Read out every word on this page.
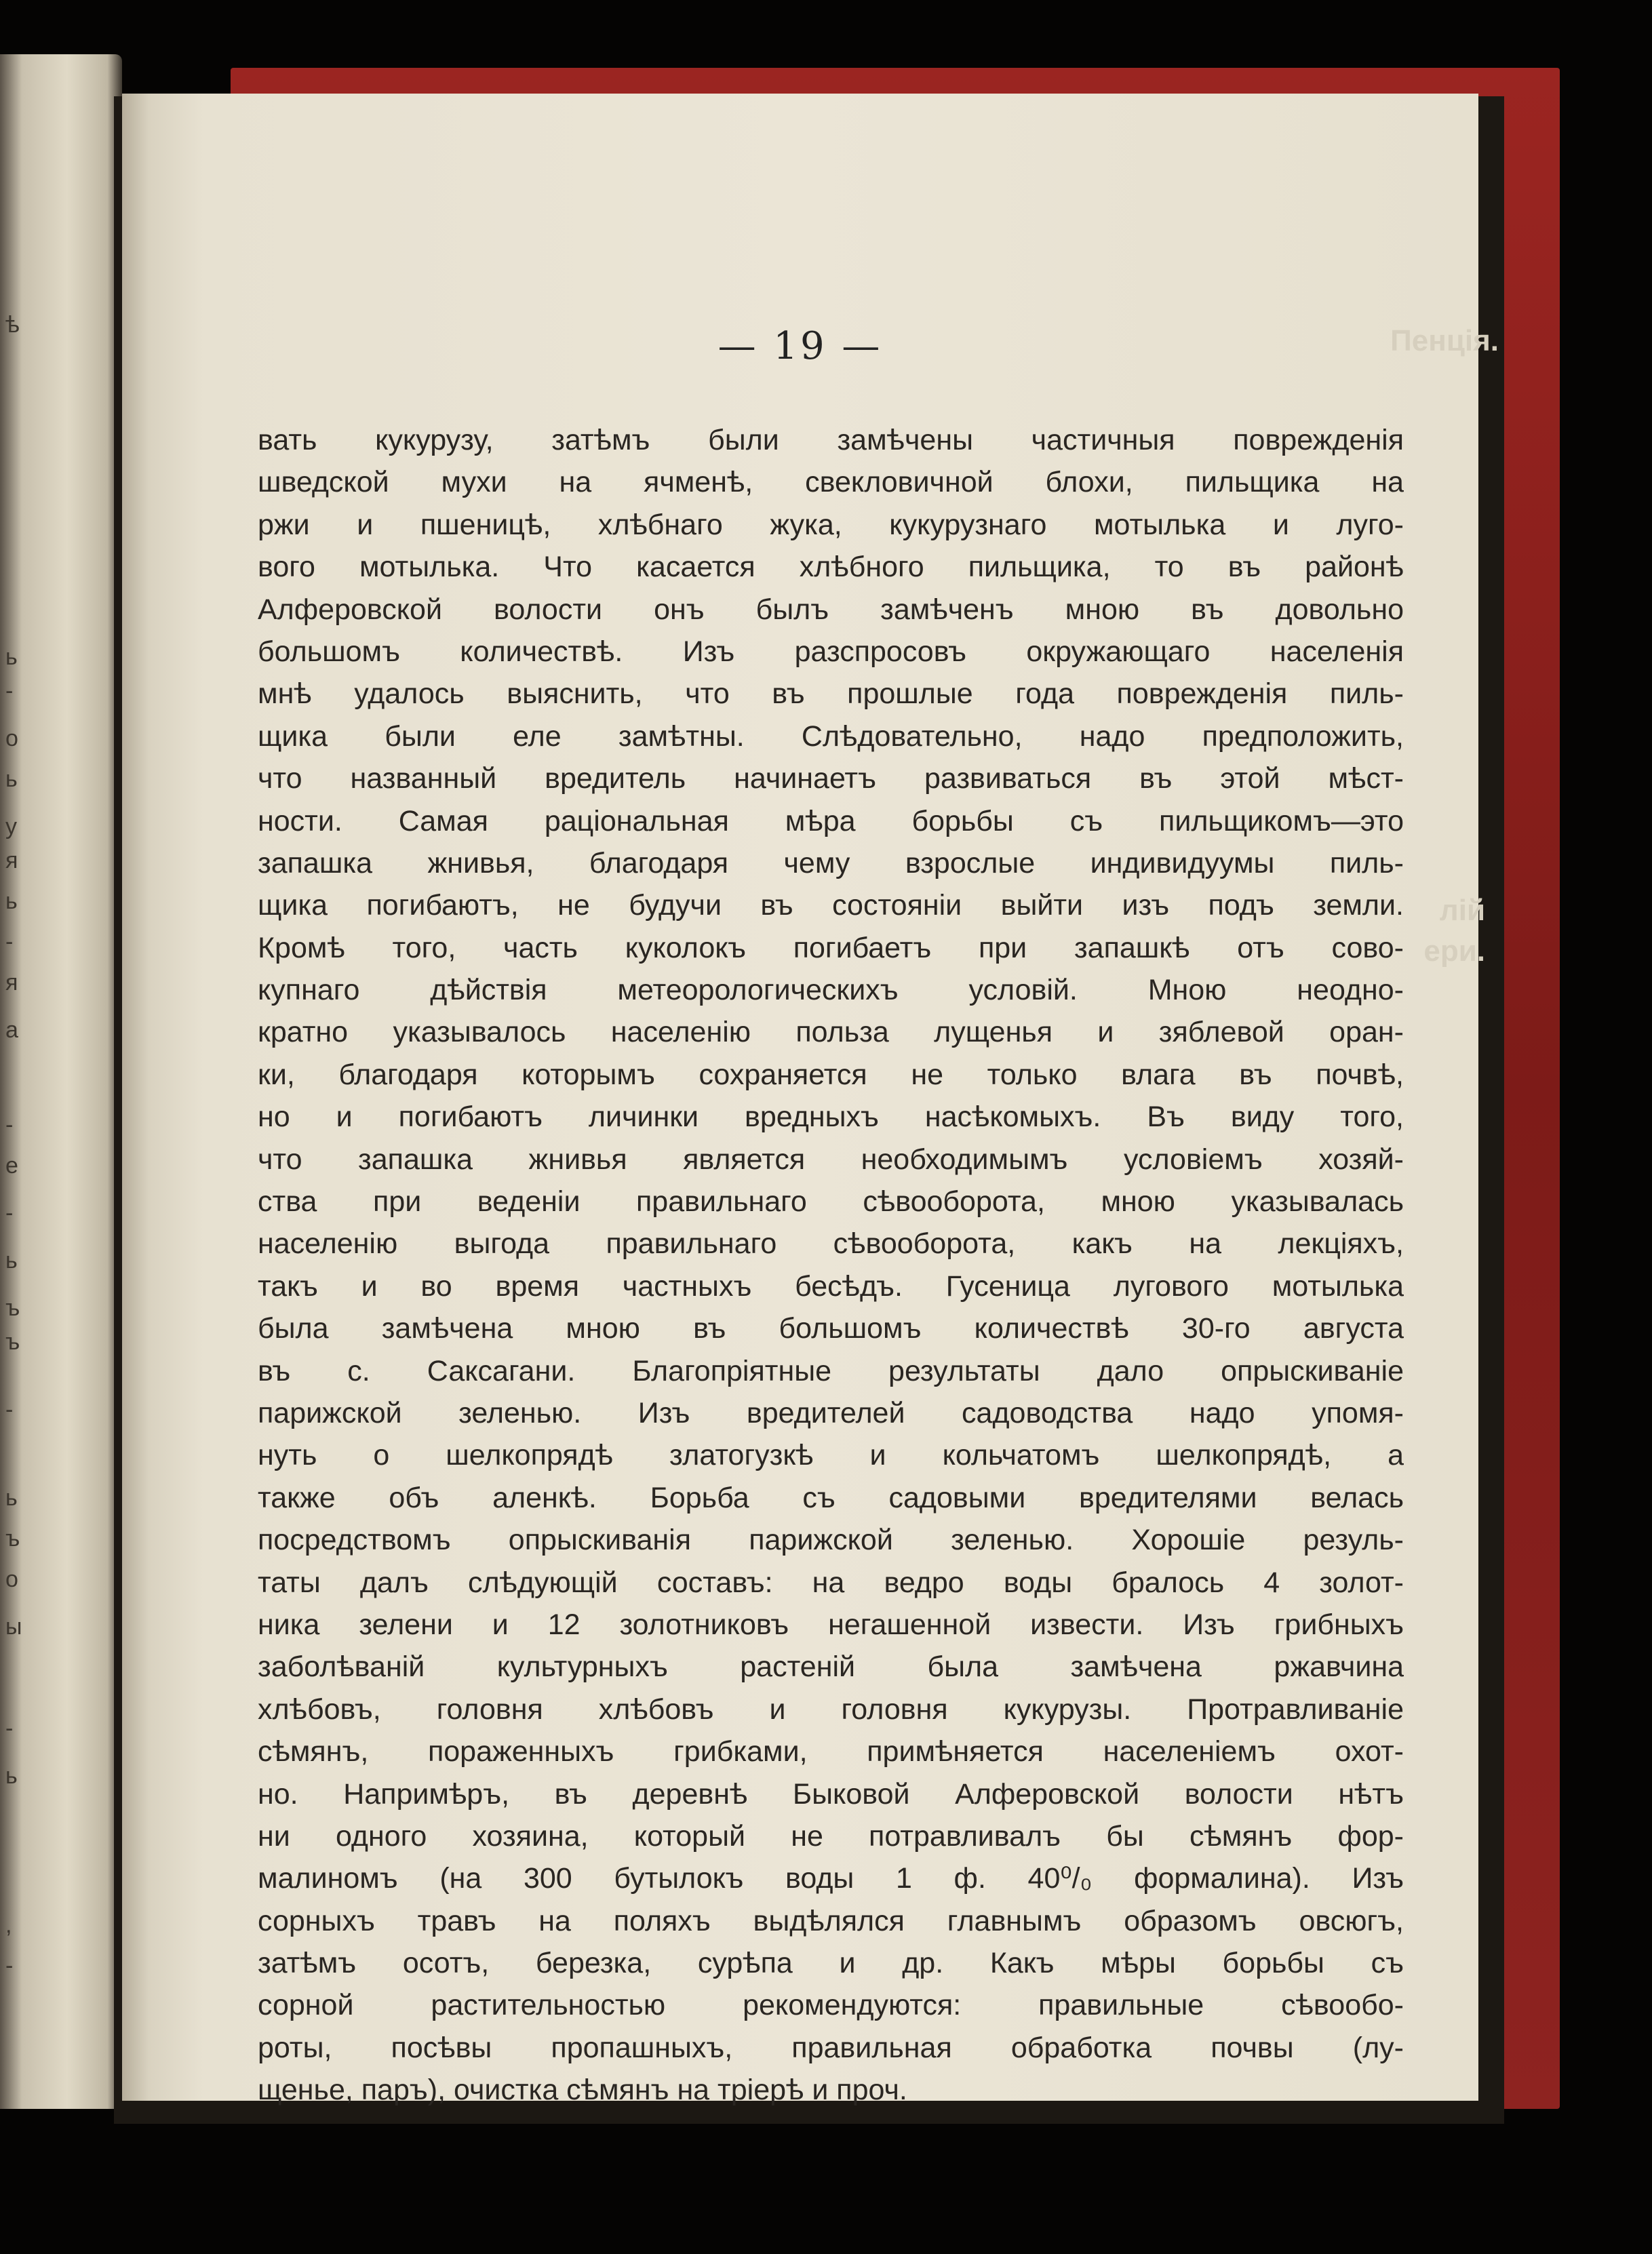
ѣ
ь
-
о
ь
у
я
ь
-
я
а
-
е
-
ь
ъ
ъ
-
ь
ъ
о
ы
-
ь
,
-
Пенція.
лій
ери.
— 19 —
вать кукурузу, затѣмъ были замѣчены частичныя поврежденія
шведской мухи на ячменѣ, свекловичной блохи, пильщика на
ржи и пшеницѣ, хлѣбнаго жука, кукурузнаго мотылька и луго-
вого мотылька. Что касается хлѣбного пильщика, то въ районѣ
Алферовской волости онъ былъ замѣченъ мною въ довольно
большомъ количествѣ. Изъ разспросовъ окружающаго населенія
мнѣ удалось выяснить, что въ прошлые года поврежденія пиль-
щика были еле замѣтны. Слѣдовательно, надо предположить,
что названный вредитель начинаетъ развиваться въ этой мѣст-
ности. Самая раціональная мѣра борьбы съ пильщикомъ—это
запашка жнивья, благодаря чему взрослые индивидуумы пиль-
щика погибаютъ, не будучи въ состояніи выйти изъ подъ земли.
Кромѣ того, часть куколокъ погибаетъ при запашкѣ отъ сово-
купнаго дѣйствія метеорологическихъ условій. Мною неодно-
кратно указывалось населенію польза лущенья и зяблевой оран-
ки, благодаря которымъ сохраняется не только влага въ почвѣ,
но и погибаютъ личинки вредныхъ насѣкомыхъ. Въ виду того,
что запашка жнивья является необходимымъ условіемъ хозяй-
ства при веденіи правильнаго сѣвооборота, мною указывалась
населенію выгода правильнаго сѣвооборота, какъ на лекціяхъ,
такъ и во время частныхъ бесѣдъ. Гусеница лугового мотылька
была замѣчена мною въ большомъ количествѣ 30-го августа
въ с. Саксагани. Благопріятные результаты дало опрыскиваніе
парижской зеленью. Изъ вредителей садоводства надо упомя-
нуть о шелкопрядѣ златогузкѣ и кольчатомъ шелкопрядѣ, а
также объ аленкѣ. Борьба съ садовыми вредителями велась
посредствомъ опрыскиванія парижской зеленью. Хорошіе резуль-
таты далъ слѣдующій составъ: на ведро воды бралось 4 золот-
ника зелени и 12 золотниковъ негашенной извести. Изъ грибныхъ
заболѣваній культурныхъ растеній была замѣчена ржавчина
хлѣбовъ, головня хлѣбовъ и головня кукурузы. Протравливаніе
сѣмянъ, пораженныхъ грибками, примѣняется населеніемъ охот-
но. Напримѣръ, въ деревнѣ Быковой Алферовской волости нѣтъ
ни одного хозяина, который не потравливалъ бы сѣмянъ фор-
малиномъ (на 300 бутылокъ воды 1 ф. 40⁰/₀ формалина). Изъ
сорныхъ травъ на поляхъ выдѣлялся главнымъ образомъ овсюгъ,
затѣмъ осотъ, березка, сурѣпа и др. Какъ мѣры борьбы съ
сорной растительностью рекомендуются: правильные сѣвообо-
роты, посѣвы пропашныхъ, правильная обработка почвы (лу-
щенье, паръ), очистка сѣмянъ на тріерѣ и проч.
